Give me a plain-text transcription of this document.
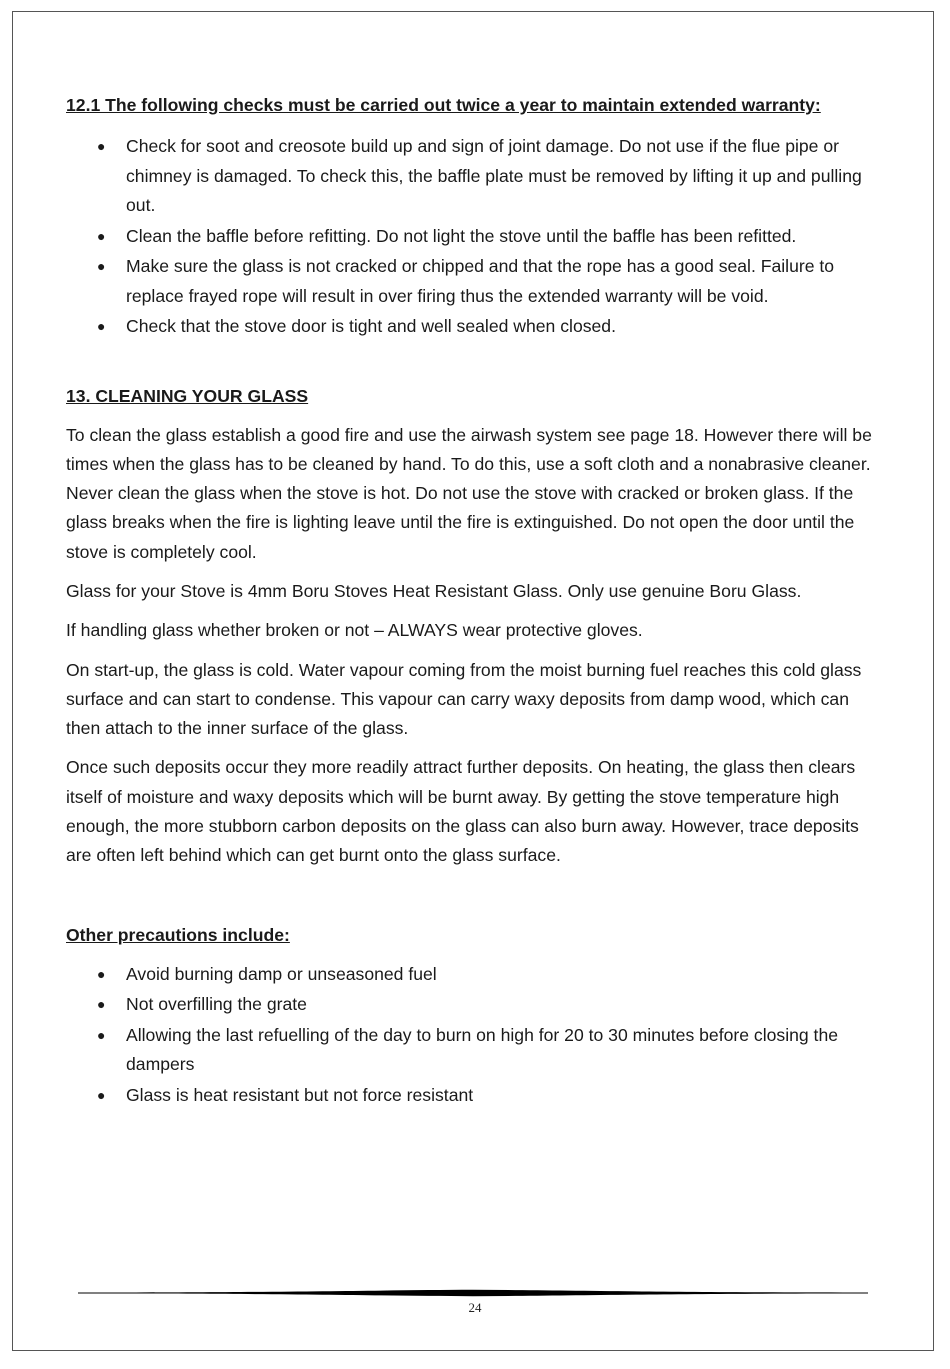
12.1 The following checks must be carried out twice a year to maintain extended warranty:

● Check for soot and creosote build up and sign of joint damage. Do not use if the flue pipe or chimney is damaged. To check this, the baffle plate must be removed by lifting it up and pulling out.
● Clean the baffle before refitting. Do not light the stove until the baffle has been refitted.
● Make sure the glass is not cracked or chipped and that the rope has a good seal. Failure to replace frayed rope will result in over firing thus the extended warranty will be void.
● Check that the stove door is tight and well sealed when closed.

13. CLEANING YOUR GLASS

To clean the glass establish a good fire and use the airwash system see page 18. However there will be times when the glass has to be cleaned by hand. To do this, use a soft cloth and a nonabrasive cleaner. Never clean the glass when the stove is hot. Do not use the stove with cracked or broken glass. If the glass breaks when the fire is lighting leave until the fire is extinguished. Do not open the door until the stove is completely cool.

Glass for your Stove is 4mm Boru Stoves Heat Resistant Glass. Only use genuine Boru Glass.

If handling glass whether broken or not – ALWAYS wear protective gloves.

On start-up, the glass is cold. Water vapour coming from the moist burning fuel reaches this cold glass surface and can start to condense. This vapour can carry waxy deposits from damp wood, which can then attach to the inner surface of the glass.

Once such deposits occur they more readily attract further deposits. On heating, the glass then clears itself of moisture and waxy deposits which will be burnt away. By getting the stove temperature high enough, the more stubborn carbon deposits on the glass can also burn away. However, trace deposits are often left behind which can get burnt onto the glass surface.

Other precautions include:

● Avoid burning damp or unseasoned fuel
● Not overfilling the grate
● Allowing the last refuelling of the day to burn on high for 20 to 30 minutes before closing the dampers
● Glass is heat resistant but not force resistant
24
